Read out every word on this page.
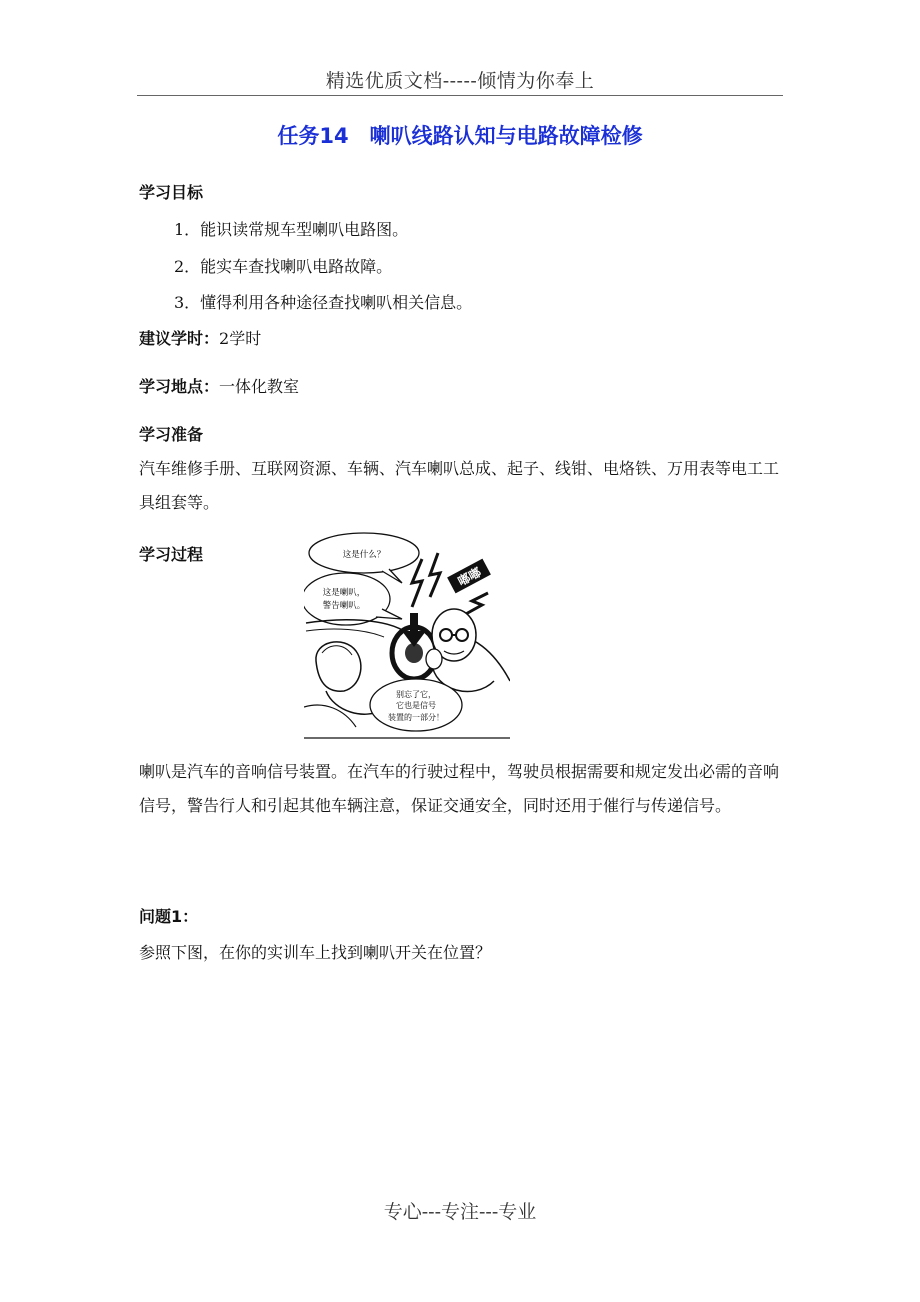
精选优质文档-----倾情为你奉上
任务14　喇叭线路认知与电路故障检修
学习目标
1．能识读常规车型喇叭电路图。
2．能实车查找喇叭电路故障。
3．懂得利用各种途径查找喇叭相关信息。
建议学时：2学时
学习地点：一体化教室
学习准备
汽车维修手册、互联网资源、车辆、汽车喇叭总成、起子、线钳、电烙铁、万用表等电工工具组套等。
学习过程	这是什么？
这是喇叭，
警告喇叭。
嘟嘟
别忘了它，
它也是信号
装置的一部分！
喇叭是汽车的音响信号装置。在汽车的行驶过程中，驾驶员根据需要和规定发出必需的音响信号，警告行人和引起其他车辆注意，保证交通安全，同时还用于催行与传递信号。
问题1：
参照下图，在你的实训车上找到喇叭开关在位置？
专心---专注---专业
